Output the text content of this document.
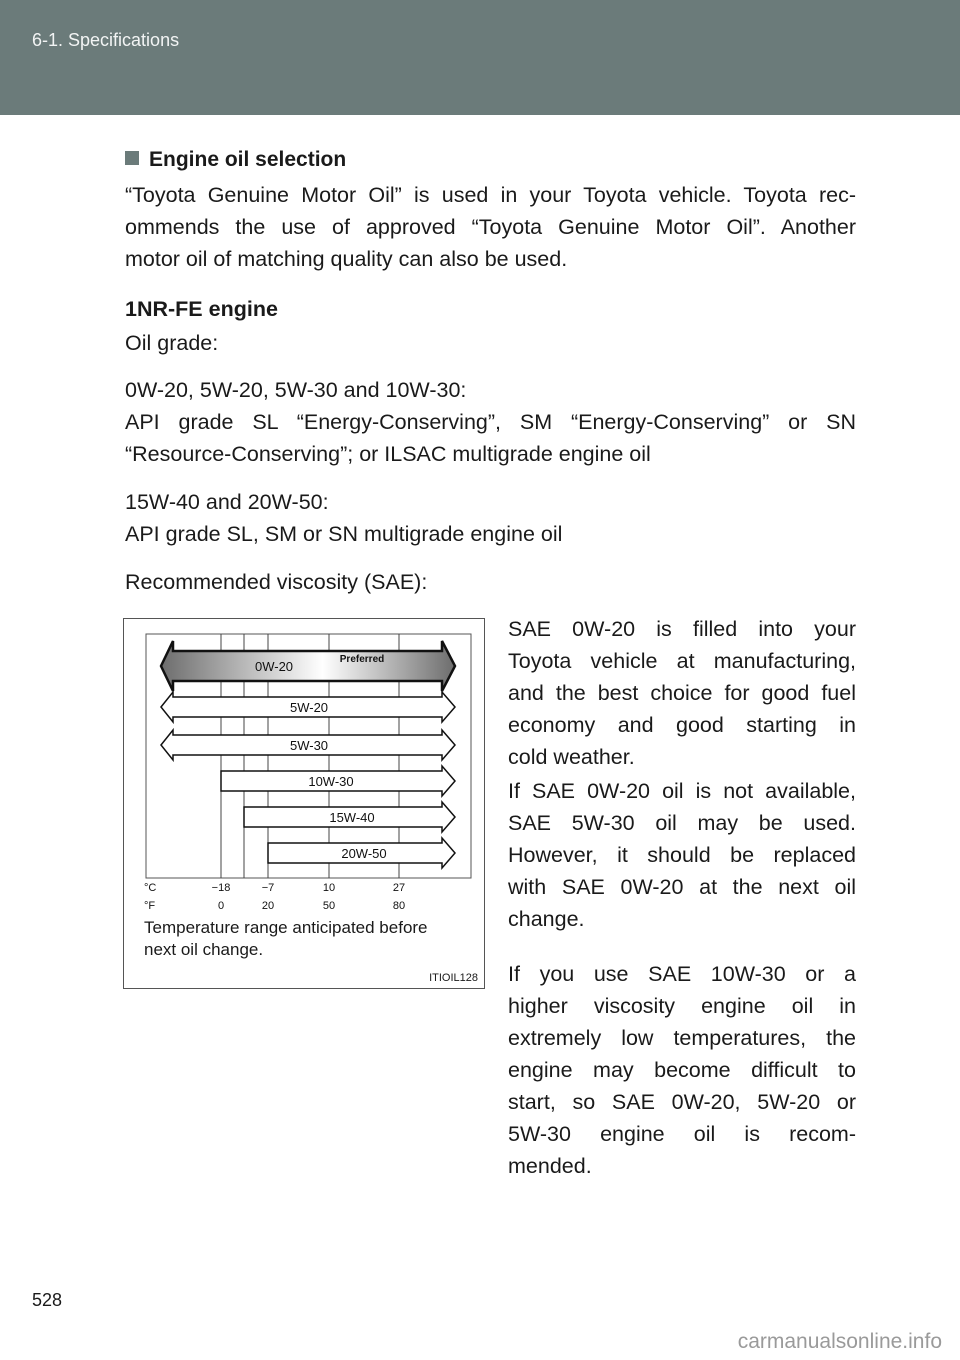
6-1. Specifications
Engine oil selection
“Toyota Genuine Motor Oil” is used in your Toyota vehicle. Toyota rec-
ommends the use of approved “Toyota Genuine Motor Oil”. Another
motor oil of matching quality can also be used.
1NR-FE engine
Oil grade:
0W-20, 5W-20, 5W-30 and 10W-30:
API grade SL “Energy-Conserving”, SM “Energy-Conserving” or SN
“Resource-Conserving”; or ILSAC multigrade engine oil
15W-40 and 20W-50:
API grade SL, SM or SN multigrade engine oil
Recommended viscosity (SAE):
0W-20	Preferred
5W-20
5W-30
10W-30
15W-40
20W-50
°C	−18	−7	10	27
°F	0	20	50	80
Temperature range anticipated before
next oil change.
ITIOIL128
SAE 0W-20 is filled into your
Toyota vehicle at manufacturing,
and the best choice for good fuel
economy and good starting in
cold weather.
If SAE 0W-20 oil is not available,
SAE 5W-30 oil may be used.
However, it should be replaced
with SAE 0W-20 at the next oil
change.
If you use SAE 10W-30 or a
higher viscosity engine oil in
extremely low temperatures, the
engine may become difficult to
start, so SAE 0W-20, 5W-20 or
5W-30 engine oil is recom-
mended.
528
carmanualsonline.info
